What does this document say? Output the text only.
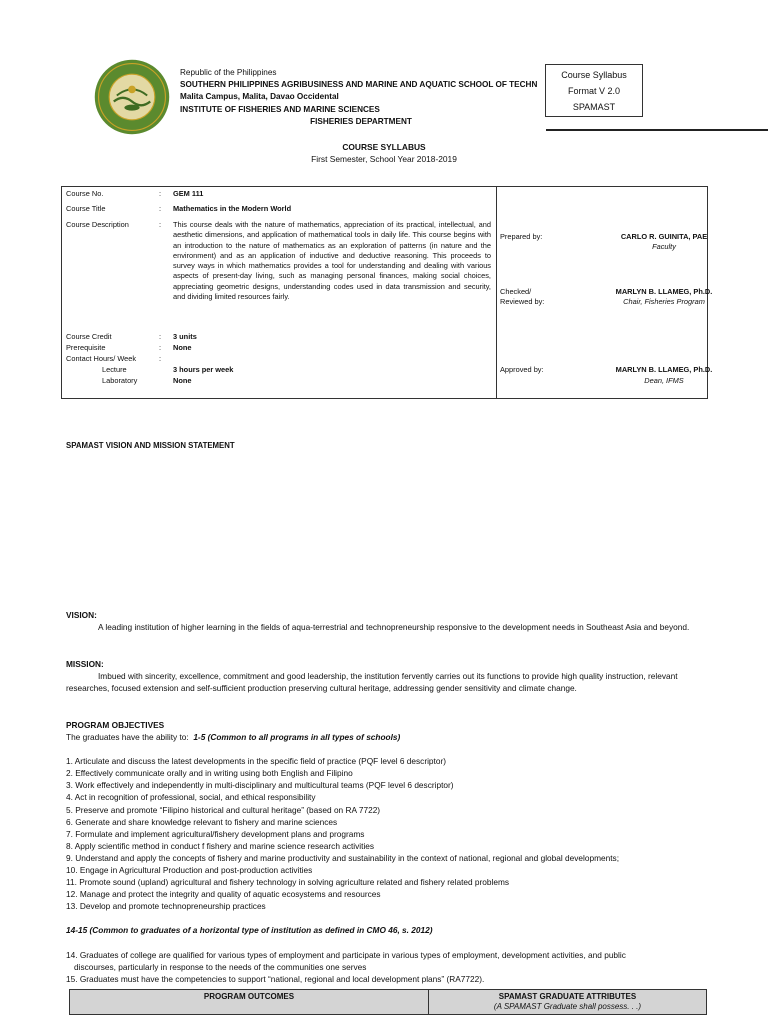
Republic of the Philippines
SOUTHERN PHILIPPINES AGRIBUSINESS AND MARINE AND AQUATIC SCHOOL OF TECHN
Malita Campus, Malita, Davao Occidental
INSTITUTE OF FISHERIES AND MARINE SCIENCES
FISHERIES DEPARTMENT
Course Syllabus
Format V 2.0
SPAMAST
COURSE SYLLABUS
First Semester, School Year 2018-2019
Course No.	: GEM 111
Course Title	: Mathematics in the Modern World
Course Description	: This course deals with the nature of mathematics, appreciation of its practical, intellectual, and aesthetic dimensions, and application of mathematical tools in daily life. This course begins with an introduction to the nature of mathematics as an exploration of patterns (in nature and the environment) and as an application of inductive and deductive reasoning. This proceeds to survey ways in which mathematics provides a tool for understanding and dealing with various aspects of present-day living, such as managing personal finances, making social choices, appreciating geometric designs, understanding codes used in data transmission and security, and dividing limited resources fairly.
Course Credit	: 3 units
Prerequisite	: None
Contact Hours/ Week	:
Lecture	3 hours per week
Laboratory	None
Prepared by:	CARLO R. GUINITA, PAE
Faculty
Checked/
Reviewed by:
MARLYN B. LLAMEG, Ph.D.
Chair, Fisheries Program
Approved by:	MARLYN B. LLAMEG, Ph.D.
Dean, IFMS
SPAMAST VISION AND MISSION STATEMENT
VISION:
A leading institution of higher learning in the fields of aqua-terrestrial and technopreneurship responsive to the development needs in Southeast Asia and beyond.
MISSION:
Imbued with sincerity, excellence, commitment and good leadership, the institution fervently carries out its functions to provide high quality instruction, relevant researches, focused extension and self-sufficient production preserving cultural heritage, addressing gender sensitivity and climate change.
PROGRAM OBJECTIVES
The graduates have the ability to: 1-5 (Common to all programs in all types of schools)
1. Articulate and discuss the latest developments in the specific field of practice (PQF level 6 descriptor)
2. Effectively communicate orally and in writing using both English and Filipino
3. Work effectively and independently in multi-disciplinary and multicultural teams (PQF level 6 descriptor)
4. Act in recognition of professional, social, and ethical responsibility
5. Preserve and promote “Filipino historical and cultural heritage” (based on RA 7722)
6. Generate and share knowledge relevant to fishery and marine sciences
7. Formulate and implement agricultural/fishery development plans and programs
8. Apply scientific method in conduct f fishery and marine science research activities
9. Understand and apply the concepts of fishery and marine productivity and sustainability in the context of national, regional and global developments;
10. Engage in Agricultural Production and post-production activities
11. Promote sound (upland) agricultural and fishery technology in solving agriculture related and fishery related problems
12. Manage and protect the integrity and quality of aquatic ecosystems and resources
13. Develop and promote technopreneurship practices
14-15 (Common to graduates of a horizontal type of institution as defined in CMO 46, s. 2012)
14. Graduates of college are qualified for various types of employment and participate in various types of employment, development activities, and public
discourses, particularly in response to the needs of the communities one serves
15. Graduates must have the competencies to support “national, regional and local development plans” (RA7722).
PROGRAM OUTCOMES	SPAMAST GRADUATE ATTRIBUTES
(A SPAMAST Graduate shall possess. . .)
